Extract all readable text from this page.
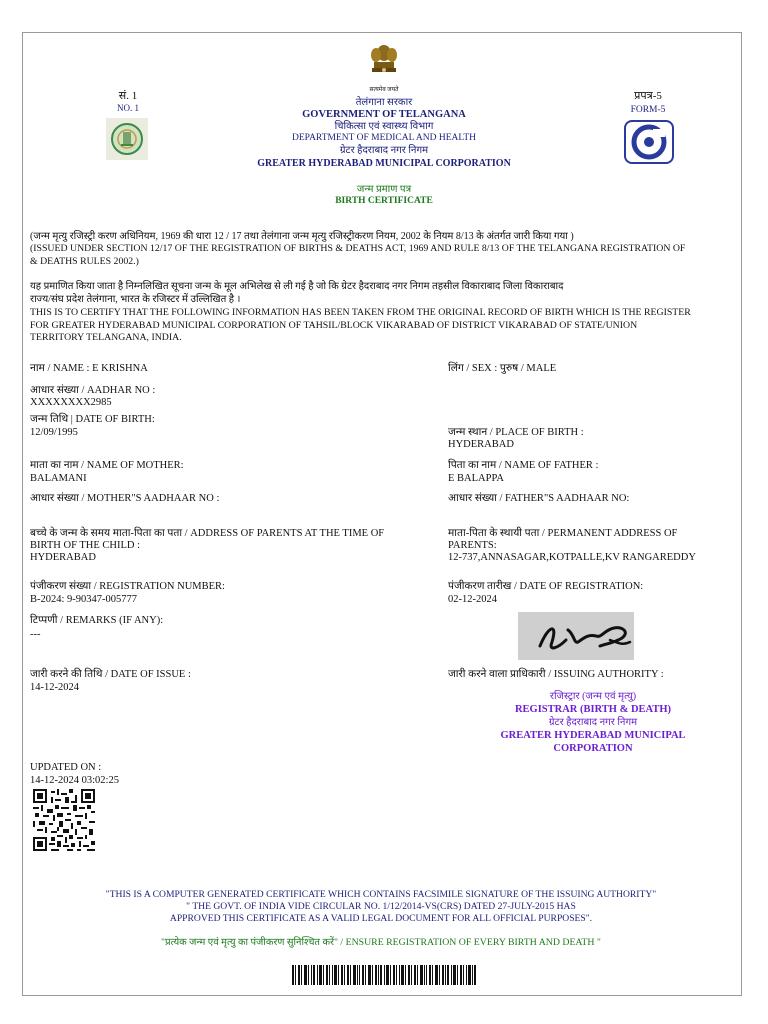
सं. 1
NO. 1
सत्यमेव जयते
तेलंगाना सरकार
GOVERNMENT OF TELANGANA
चिकित्सा एवं स्वास्थ्य विभाग
DEPARTMENT OF MEDICAL AND HEALTH
ग्रेटर हैदराबाद नगर निगम
GREATER HYDERABAD MUNICIPAL CORPORATION
जन्म प्रमाण पत्र
BIRTH CERTIFICATE
प्रपत्र-5
FORM-5
(जन्म मृत्यु रजिस्ट्री करण अधिनियम, 1969 की धारा 12 / 17 तथा तेलंगाना जन्म मृत्यु रजिस्ट्रीकरण नियम, 2002 के नियम 8/13 के अंतर्गत जारी किया गया )
(ISSUED UNDER SECTION 12/17 OF THE REGISTRATION OF BIRTHS & DEATHS ACT, 1969 AND RULE 8/13 OF THE TELANGANA REGISTRATION OF
& DEATHS RULES 2002.)
यह प्रमाणित किया जाता है निम्नलिखित सूचना जन्म के मूल अभिलेख से ली गई है जो कि ग्रेटर हैदराबाद नगर निगम तहसील विकाराबाद जिला विकाराबाद
राज्य/संघ प्रदेश तेलंगाना, भारत के रजिस्टर में उल्लिखित है ।
THIS IS TO CERTIFY THAT THE FOLLOWING INFORMATION HAS BEEN TAKEN FROM THE ORIGINAL RECORD OF BIRTH WHICH IS THE REGISTER
FOR GREATER HYDERABAD MUNICIPAL CORPORATION OF TAHSIL/BLOCK VIKARABAD OF DISTRICT VIKARABAD OF STATE/UNION
TERRITORY TELANGANA, INDIA.
नाम / NAME : E KRISHNA
आधार संख्या / AADHAR NO :
XXXXXXXX2985
जन्म तिथि | DATE OF BIRTH:
12/09/1995
माता का नाम / NAME OF MOTHER:
BALAMANI
आधार संख्या / MOTHER"S AADHAAR NO :
बच्चे के जन्म के समय माता-पिता का पता / ADDRESS OF PARENTS AT THE TIME OF
BIRTH OF THE CHILD :
HYDERABAD
पंजीकरण संख्या / REGISTRATION NUMBER:
B-2024: 9-90347-005777
टिप्पणी / REMARKS (IF ANY):
---
जारी करने की तिथि / DATE OF ISSUE :
14-12-2024
लिंग / SEX : पुरुष / MALE
जन्म स्थान / PLACE OF BIRTH :
HYDERABAD
पिता का नाम / NAME OF FATHER :
E BALAPPA
आधार संख्या / FATHER"S AADHAAR NO:
माता-पिता के स्थायी पता / PERMANENT ADDRESS OF
PARENTS:
12-737,ANNASAGAR,KOTPALLE,KV RANGAREDDY
पंजीकरण तारीख / DATE OF REGISTRATION:
02-12-2024
जारी करने वाला प्राधिकारी / ISSUING AUTHORITY :
रजिस्ट्रार (जन्म एवं मृत्यु)
REGISTRAR (BIRTH & DEATH)
ग्रेटर हैदराबाद नगर निगम
GREATER HYDERABAD MUNICIPAL
CORPORATION
UPDATED ON :
14-12-2024 03:02:25
"THIS IS A COMPUTER GENERATED CERTIFICATE WHICH CONTAINS FACSIMILE SIGNATURE OF THE ISSUING AUTHORITY"
" THE GOVT. OF INDIA VIDE CIRCULAR NO. 1/12/2014-VS(CRS) DATED 27-JULY-2015 HAS
APPROVED THIS CERTIFICATE AS A VALID LEGAL DOCUMENT FOR ALL OFFICIAL PURPOSES".
"प्रत्येक जन्म एवं मृत्यु का पंजीकरण सुनिश्चित करें" / ENSURE REGISTRATION OF EVERY BIRTH AND DEATH "
